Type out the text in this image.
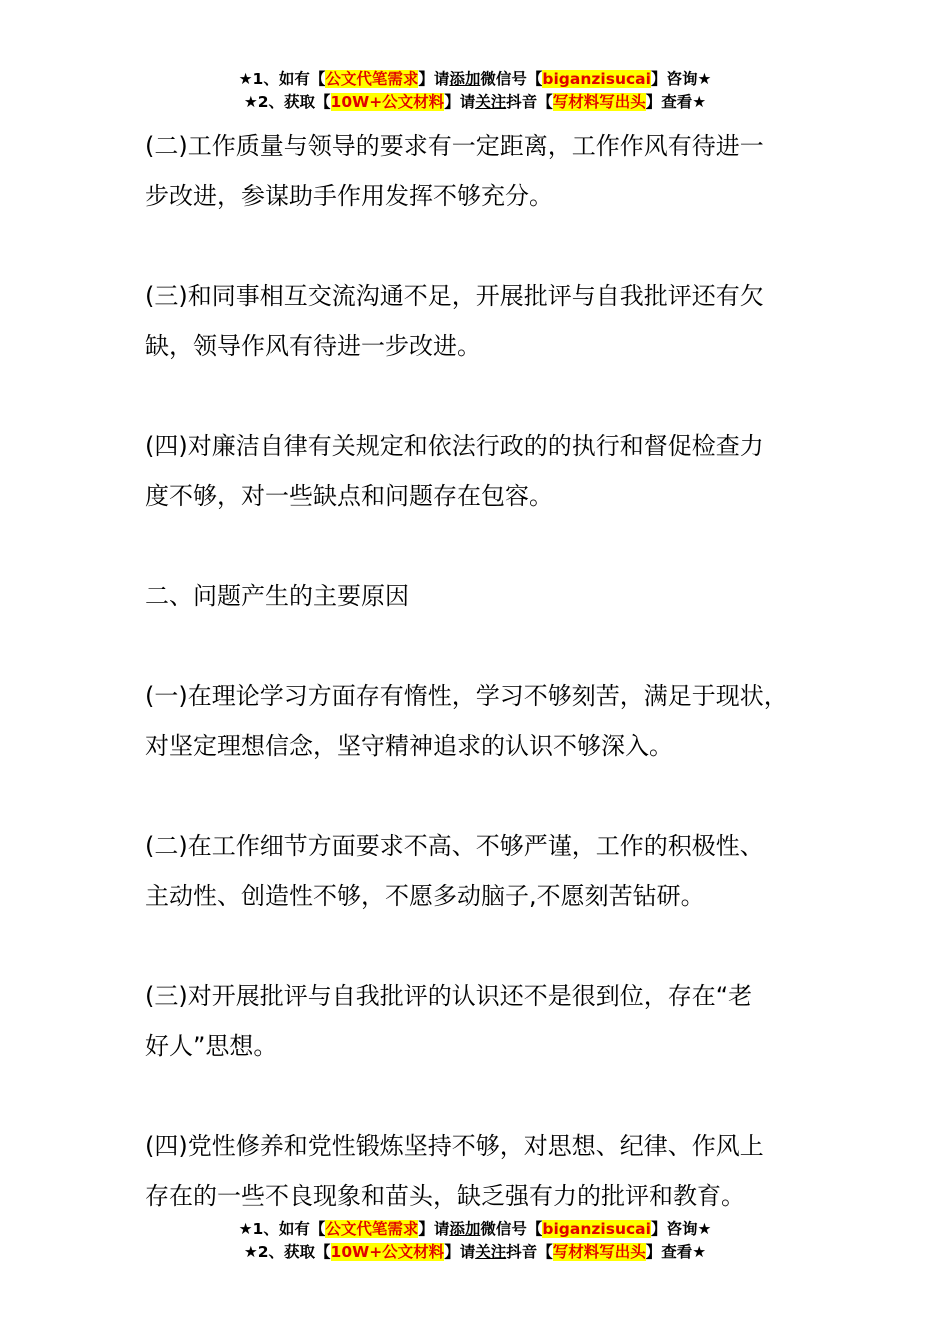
★1、如有【公文代笔需求】请添加微信号【biganzisucai】咨询★
★2、获取【10W+公文材料】请关注抖音【写材料写出头】查看★

(二)工作质量与领导的要求有一定距离，工作作风有待进一
步改进，参谋助手作用发挥不够充分。

(三)和同事相互交流沟通不足，开展批评与自我批评还有欠
缺，领导作风有待进一步改进。

(四)对廉洁自律有关规定和依法行政的的执行和督促检查力
度不够，对一些缺点和问题存在包容。

二、问题产生的主要原因

(一)在理论学习方面存有惰性，学习不够刻苦，满足于现状，
对坚定理想信念，坚守精神追求的认识不够深入。

(二)在工作细节方面要求不高、不够严谨，工作的积极性、
主动性、创造性不够，不愿多动脑子,不愿刻苦钻研。

(三)对开展批评与自我批评的认识还不是很到位，存在“老
好人”思想。

(四)党性修养和党性锻炼坚持不够，对思想、纪律、作风上
存在的一些不良现象和苗头，缺乏强有力的批评和教育。

★1、如有【公文代笔需求】请添加微信号【biganzisucai】咨询★
★2、获取【10W+公文材料】请关注抖音【写材料写出头】查看★
